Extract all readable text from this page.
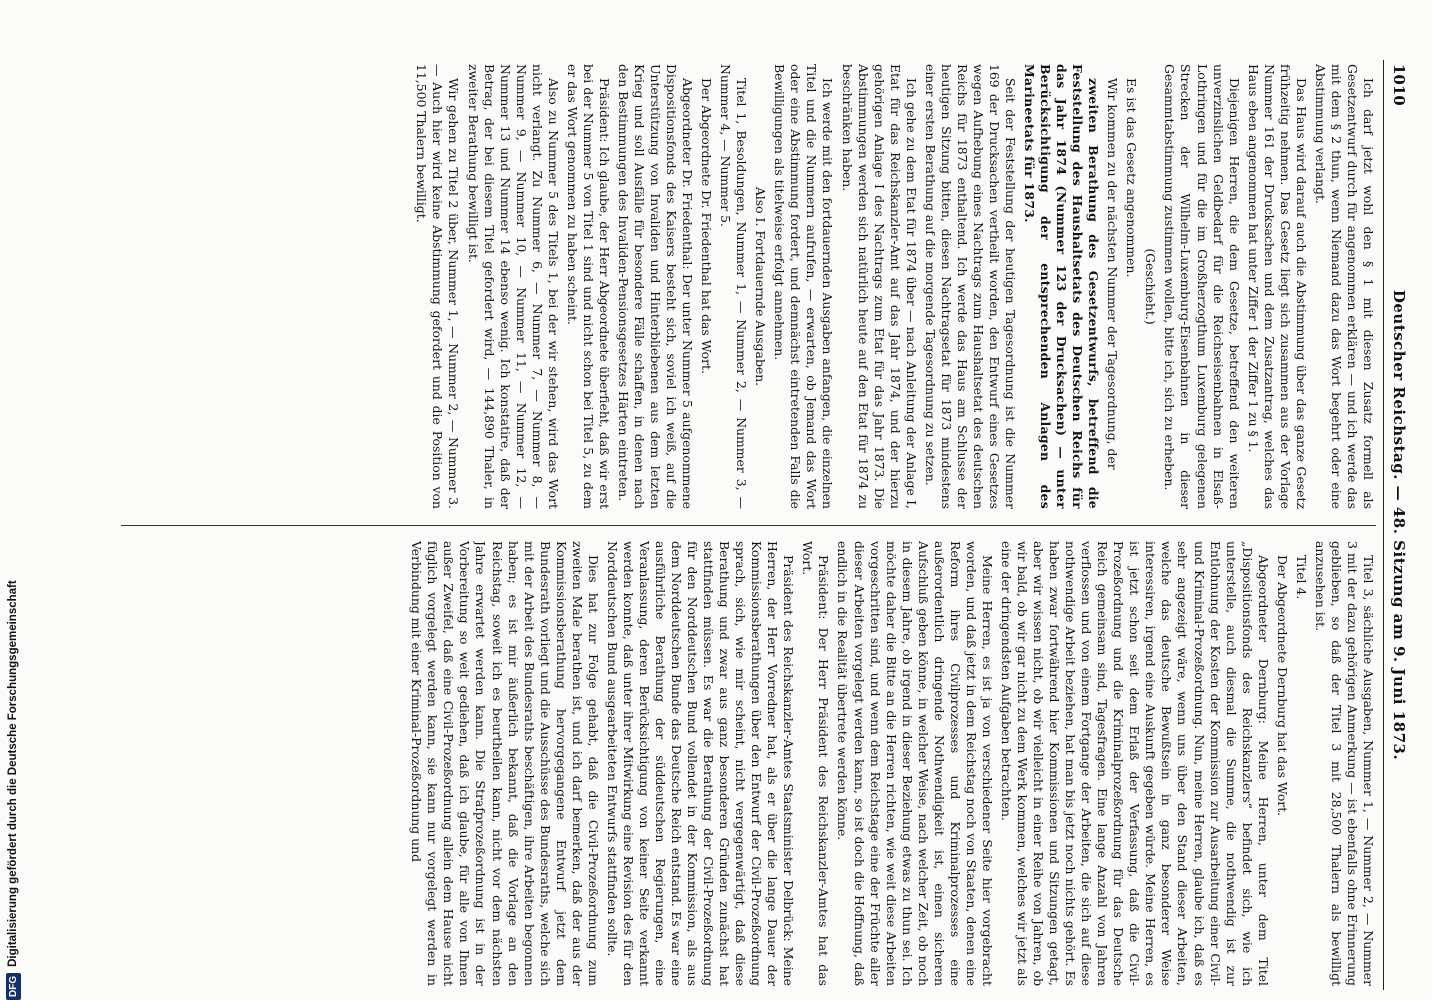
1010
Deutscher Reichstag. — 48. Sitzung am 9. Juni 1873.

Ich darf jetzt wohl den § 1 mit diesen Zusatz formell als Gesetzentwurf durch für angenommen erklären — und ich werde das mit dem § 2 thun, wenn Niemand dazu das Wort begehrt oder eine Abstimmung verlangt.

Das Haus wird darauf auch die Abstimmung über das ganze Gesetz frühzeitig nehmen. Das Gesetz liegt sich zusammen aus der Vorlage Nummer 161 der Drucksachen und dem Zusatzantrag, welches das Haus eben angenommen hat unter Ziffer 1 der Ziffer 1 zu § 1.

Diejenigen Herren, die dem Gesetze, betreffend den weiteren unverzinslichen Geldbedarf für die Reichseisenbahnen in Elsaß-Lothringen und für die im Großherzogthum Luxemburg gelegenen Strecken der Wilhelm-Luxemburg-Eisenbahnen in dieser Gesammtabstimmung zustimmen wollen, bitte ich, sich zu erheben.

(Geschieht.)

Es ist das Gesetz angenommen.

Wir kommen zu der nächsten Nummer der Tagesordnung, der

zweiten Berathung des Gesetzentwurfs, betreffend die Feststellung des Haushaltsetats des Deutschen Reichs für das Jahr 1874 (Nummer 123 der Drucksachen) — unter Berücksichtigung der entsprechenden Anlagen des Marineetats für 1873.

Seit der Feststellung der heutigen Tagesordnung ist die Nummer 169 der Drucksachen vertheilt worden, den Entwurf eines Gesetzes wegen Aufhebung eines Nachtrags zum Haushaltsetat des deutschen Reichs für 1873 enthaltend. Ich werde das Haus am Schlusse der heutigen Sitzung bitten, diesen Nachtragsetat für 1873 mindestens einer ersten Berathung auf die morgende Tagesordnung zu setzen.

Ich gehe zu dem Etat für 1874 über — nach Anleitung der Anlage I, Etat für das Reichskanzler-Amt auf das Jahr 1874, und der hierzu gehörigen Anlage I des Nachtrags zum Etat für das Jahr 1873. Die Abstimmungen werden sich natürlich heute auf den Etat für 1874 zu beschränken haben.

Ich werde mit den fortdauernden Ausgaben anfangen, die einzelnen Titel und die Nummern aufrufen, — erwarten, ob Jemand das Wort oder eine Abstimmung fordert, und demnächst eintretenden Falls die Bewilligungen als titelweise erfolgt annehmen.

Also I. Fortdauernde Ausgaben.

Titel 1, Besoldungen, Nummer 1, — Nummer 2, — Nummer 3, — Nummer 4, — Nummer 5.

Der Abgeordnete Dr. Friedenthal hat das Wort.

Abgeordneter Dr. Friedenthal: Der unter Nummer 5 aufgenommene Dispositionsfonds des Kaisers besteht sich, soviel ich weiß, auf die Unterstützung von Invaliden und Hinterbliebenen aus dem letzten Krieg und soll Ausfälle für besondere Fälle schaffen, in denen nach den Bestimmungen des Invaliden-Pensionsgesetzes Härten eintreten.

Präsident: Ich glaube, der Herr Abgeordnete überfieht, daß wir erst bei der Nummer 5 von Titel 1 sind und nicht schon bei Titel 5, zu dem er das Wort genommen zu haben scheint.

Also zu Nummer 5 des Titels 1, bei der wir stehen, wird das Wort nicht verlangt. Zu Nummer 6, — Nummer 7, — Nummer 8, — Nummer 9, — Nummer 10, — Nummer 11, — Nummer 12, — Nummer 13 und Nummer 14 ebenso wenig. Ich konstatire, daß der Betrag, der bei diesem Titel gefordert wird, — 144,890 Thaler, in zweiter Berathung bewilligt ist.

Wir gehen zu Titel 2 über, Nummer 1, — Nummer 2, — Nummer 3. — Auch hier wird keine Abstimmung gefordert und die Position von 11,500 Thalern bewilligt.

Titel 3, sächliche Ausgaben, Nummer 1, — Nummer 2, — Nummer 3 mit der dazu gehörigen Anmerkung — ist ebenfalls ohne Erinnerung geblieben, so daß der Titel 3 mit 28,500 Thalern als bewilligt anzusehen ist.

Titel 4.

Der Abgeordnete Dernburg hat das Wort.

Abgeordneter Dernburg: Meine Herren, unter dem Titel „Dispositionsfonds des Reichskanzlers“ befindet sich, wie ich unterstelle, auch diesmal die Summe, die nothwendig ist zur Entlohnung der Kosten der Kommission zur Ausarbeitung einer Civil- und Kriminal-Prozeßordnung. Nun, meine Herren, glaube ich, daß es sehr angezeigt wäre, wenn uns über den Stand dieser Arbeiten, welche das deutsche Bewußtsein in ganz besonderer Weise interessiren, irgend eine Auskunft gegeben würde. Meine Herren, es ist jetzt schon seit dem Erlaß der Verfassung, daß die Civil-Prozeßordnung und die Kriminalprozeßordnung für das Deutsche Reich gemeinsam sind, Tagesfragen. Eine lange Anzahl von Jahren verflossen und von einem Fortgange der Arbeiten, die sich auf diese nothwendige Arbeit beziehen, hat man bis jetzt noch nichts gehört. Es haben zwar fortwährend hier Kommissionen und Sitzungen getagt, aber wir wissen nicht, ob wir vielleicht in einer Reihe von Jahren, ob wir bald, ob wir gar nicht zu dem Werk kommen, welches wir jetzt als eine der dringendsten Aufgaben betrachten.

Meine Herren, es ist ja von verschiedener Seite hier vorgebracht worden, und daß jetzt in dem Reichstag noch von Staaten, denen eine Reform ihres Civilprozesses und Kriminalprozesses eine außerordentlich dringende Nothwendigkeit ist, einen sicheren Aufschluß geben könne, in welcher Weise, nach welcher Zeit, ob noch in diesem Jahre, ob irgend in dieser Beziehung etwas zu thun sei. Ich möchte daher die Bitte an die Herren richten, wie weit diese Arbeiten vorgeschritten sind, und wenn dem Reichstage eine der Früchte aller dieser Arbeiten vorgelegt werden kann, so ist doch die Hoffnung, daß endlich in die Realität übertrete werden könne.

Präsident: Der Herr Präsident des Reichskanzler-Amtes hat das Wort.

Präsident des Reichskanzler-Amtes Staatsminister Delbrück: Meine Herren, der Herr Vorredner hat, als er über die lange Dauer der Kommissionsberathungen über den Entwurf der Civil-Prozeßordnung sprach, sich, wie mir scheint, nicht vergegenwärtigt, daß diese Berathung und zwar aus ganz besonderen Gründen zunächst hat stattfinden müssen. Es war die Berathung der Civil-Prozeßordnung für den Norddeutschen Bund vollendet in der Kommission, als aus dem Norddeutschen Bunde das Deutsche Reich entstand. Es war eine ausführliche Berathung der süddeutschen Regierungen, eine Veranlassung, deren Berücksichtigung von keiner Seite verkannt werden konnte, daß unter ihrer Mitwirkung eine Revision des für den Norddeutschen Bund ausgearbeiteten Entwurfs stattfinden sollte.

Dies hat zur Folge gehabt, daß die Civil-Prozeßordnung zum zweiten Male berathen ist, und ich darf bemerken, daß der aus der Kommissionsberathung hervorgegangene Entwurf jetzt dem Bundesrath vorliegt und die Ausschüsse des Bundesraths, welche sich mit der Arbeit des Bundesraths beschäftigen, ihre Arbeiten begonnen haben; es ist mir äußerlich bekannt, daß die Vorlage an den Reichstag, soweit ich es beurtheilen kann, nicht vor dem nächsten Jahre erwartet werden kann. Die Strafprozeßordnung ist in der Vorbereitung so weit gediehen, daß ich glaube, für alle von Ihnen außer Zweifel, daß eine Civil-Prozeßordnung allein dem Hause nicht füglich vorgelegt werden kann, sie kann nur vorgelegt werden in Verbindung mit einer Kriminal-Prozeßordnung und

DFG
Digitalisierung gefördert durch die Deutsche Forschungsgemeinschaft
